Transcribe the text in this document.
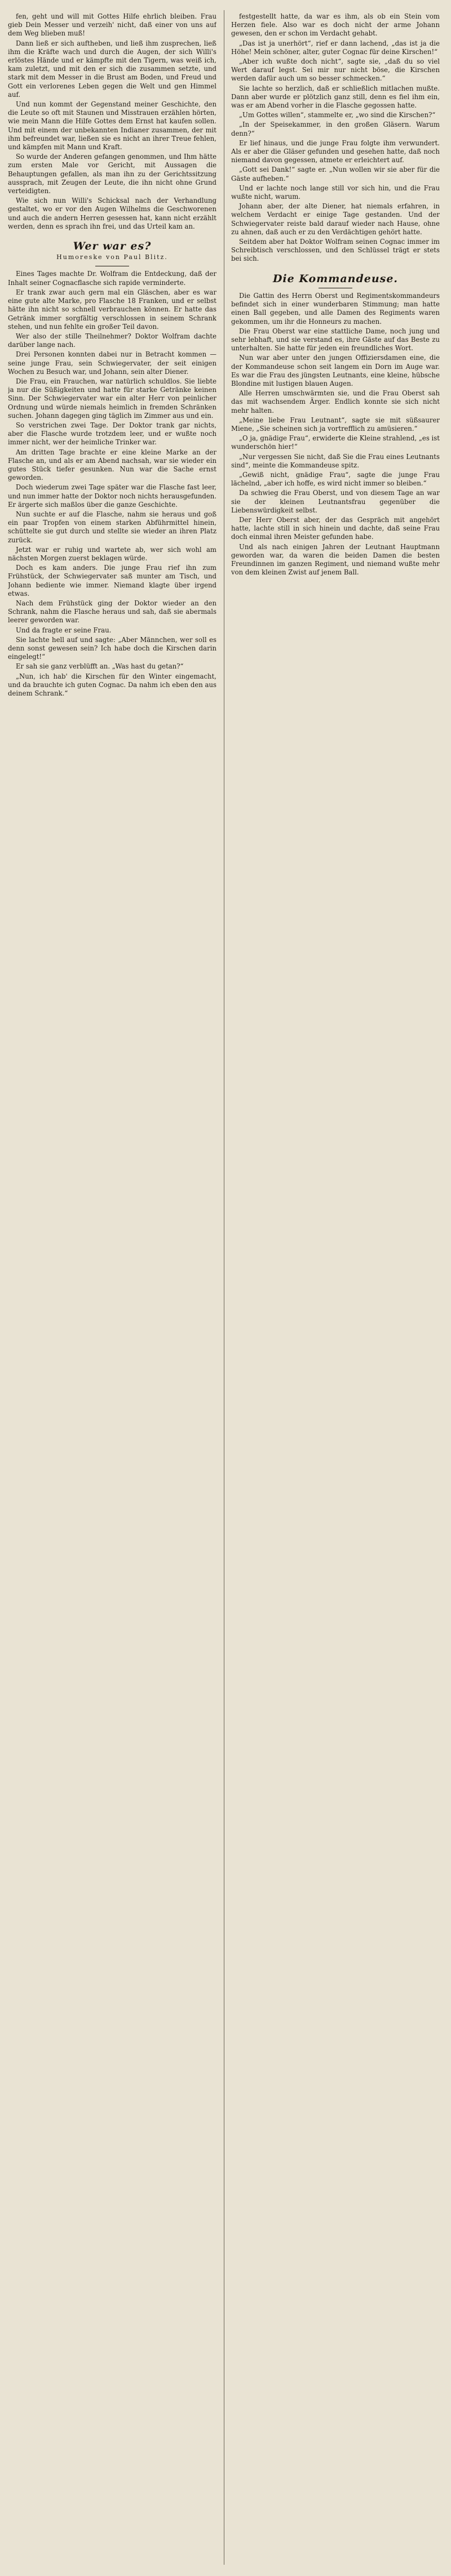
fen, geht und will mit Gottes Hilfe ehrlich bleiben. Frau gieb Dein Messer und verzeih' nicht, daß einer von uns auf dem Weg blieben muß!

Dann ließ er sich auftheben, und ließ ihm zusprechen, ließ ihm die Kräfte wach und durch die Augen, der sich Willi's erlöstes Hände und er kämpfte mit den Tigern, was weiß ich, kam zuletzt, und mit den er sich die zusammen setzte, und stark mit dem Messer in die Brust am Boden, und Freud und Gott ein verlorenes Leben gegen die Welt und gen Himmel auf.

Und nun kommt der Gegenstand meiner Geschichte, den die Leute so oft mit Staunen und Misstrauen erzählen hörten, wie mein Mann die Hilfe Gottes dem Ernst hat kaufen sollen. Und mit einem der unbekannten Indianer zusammen, der mit ihm befreundet war, ließen sie es nicht an ihrer Treue fehlen, und kämpfen mit Mann und Kraft.

So wurde der Anderen gefangen genommen, und Ihm hätte zum ersten Male vor Gericht, mit Aussagen die Behauptungen gefallen, als man ihn zu der Gerichtssitzung aussprach, mit Zeugen der Leute, die ihn nicht ohne Grund verteidigten.

Wie sich nun Willi's Schicksal nach der Verhandlung gestaltet, wo er vor den Augen Wilhelms die Geschworenen und auch die andern Herren gesessen hat, kann nicht erzählt werden, denn es sprach ihn frei, und das Urteil kam an.

Wer war es?
Humoreske von Paul Blitz.

Eines Tages machte Dr. Wolfram die Entdeckung, daß der Inhalt seiner Cognacflasche sich rapide verminderte.

Er trank zwar auch gern mal ein Gläschen, aber es war eine gute alte Marke, pro Flasche 18 Franken, und er selbst hätte ihn nicht so schnell verbrauchen können. Er hatte das Getränk immer sorgfältig verschlossen in seinem Schrank stehen, und nun fehlte ein großer Teil davon.

Wer also der stille Theilnehmer? Doktor Wolfram dachte darüber lange nach.

Drei Personen konnten dabei nur in Betracht kommen — seine junge Frau, sein Schwiegervater, der seit einigen Wochen zu Besuch war, und Johann, sein alter Diener.

Die Frau, ein Frauchen, war natürlich schuldlos. Sie liebte ja nur die Süßigkeiten und hatte für starke Getränke keinen Sinn. Der Schwiegervater war ein alter Herr von peinlicher Ordnung und würde niemals heimlich in fremden Schränken suchen. Johann dagegen ging täglich im Zimmer aus und ein.

So verstrichen zwei Tage. Der Doktor trank gar nichts, aber die Flasche wurde trotzdem leer, und er wußte noch immer nicht, wer der heimliche Trinker war.

Am dritten Tage brachte er eine kleine Marke an der Flasche an, und als er am Abend nachsah, war sie wieder ein gutes Stück tiefer gesunken. Nun war die Sache ernst geworden.

Doch wiederum zwei Tage später war die Flasche fast leer, und nun immer hatte der Doktor noch nichts herausgefunden. Er ärgerte sich maßlos über die ganze Geschichte.

Nun suchte er auf die Flasche, nahm sie heraus und goß ein paar Tropfen von einem starken Abführmittel hinein, schüttelte sie gut durch und stellte sie wieder an ihren Platz zurück.

Jetzt war er ruhig und wartete ab, wer sich wohl am nächsten Morgen zuerst beklagen würde.

Doch es kam anders. Die junge Frau rief ihn zum Frühstück, der Schwiegervater saß munter am Tisch, und Johann bediente wie immer. Niemand klagte über irgend etwas.

Nach dem Frühstück ging der Doktor wieder an den Schrank, nahm die Flasche heraus und sah, daß sie abermals leerer geworden war.

Und da fragte er seine Frau.

Sie lachte hell auf und sagte: „Aber Männchen, wer soll es denn sonst gewesen sein? Ich habe doch die Kirschen darin eingelegt!“

Er sah sie ganz verblüfft an. „Was hast du getan?“

„Nun, ich hab' die Kirschen für den Winter eingemacht, und da brauchte ich guten Cognac. Da nahm ich eben den aus deinem Schrank.“

festgestellt hatte, da war es ihm, als ob ein Stein vom Herzen fiele. Also war es doch nicht der arme Johann gewesen, den er schon im Verdacht gehabt.

„Das ist ja unerhört“, rief er dann lachend, „das ist ja die Höhe! Mein schöner, alter, guter Cognac für deine Kirschen!“

„Aber ich wußte doch nicht“, sagte sie, „daß du so viel Wert darauf legst. Sei mir nur nicht böse, die Kirschen werden dafür auch um so besser schmecken.“

Sie lachte so herzlich, daß er schließlich mitlachen mußte. Dann aber wurde er plötzlich ganz still, denn es fiel ihm ein, was er am Abend vorher in die Flasche gegossen hatte.

„Um Gottes willen“, stammelte er, „wo sind die Kirschen?“

„In der Speisekammer, in den großen Gläsern. Warum denn?“

Er lief hinaus, und die junge Frau folgte ihm verwundert. Als er aber die Gläser gefunden und gesehen hatte, daß noch niemand davon gegessen, atmete er erleichtert auf.

„Gott sei Dank!“ sagte er. „Nun wollen wir sie aber für die Gäste aufheben.“

Und er lachte noch lange still vor sich hin, und die Frau wußte nicht, warum.

Johann aber, der alte Diener, hat niemals erfahren, in welchem Verdacht er einige Tage gestanden. Und der Schwiegervater reiste bald darauf wieder nach Hause, ohne zu ahnen, daß auch er zu den Verdächtigen gehört hatte.

Seitdem aber hat Doktor Wolfram seinen Cognac immer im Schreibtisch verschlossen, und den Schlüssel trägt er stets bei sich.

Die Kommandeuse.

Die Gattin des Herrn Oberst und Regimentskommandeurs befindet sich in einer wunderbaren Stimmung; man hatte einen Ball gegeben, und alle Damen des Regiments waren gekommen, um ihr die Honneurs zu machen.

Die Frau Oberst war eine stattliche Dame, noch jung und sehr lebhaft, und sie verstand es, ihre Gäste auf das Beste zu unterhalten. Sie hatte für jeden ein freundliches Wort.

Nun war aber unter den jungen Offiziersdamen eine, die der Kommandeuse schon seit langem ein Dorn im Auge war. Es war die Frau des jüngsten Leutnants, eine kleine, hübsche Blondine mit lustigen blauen Augen.

Alle Herren umschwärmten sie, und die Frau Oberst sah das mit wachsendem Ärger. Endlich konnte sie sich nicht mehr halten.

„Meine liebe Frau Leutnant“, sagte sie mit süßsaurer Miene, „Sie scheinen sich ja vortrefflich zu amüsieren.“

„O ja, gnädige Frau“, erwiderte die Kleine strahlend, „es ist wunderschön hier!“

„Nur vergessen Sie nicht, daß Sie die Frau eines Leutnants sind“, meinte die Kommandeuse spitz.

„Gewiß nicht, gnädige Frau“, sagte die junge Frau lächelnd, „aber ich hoffe, es wird nicht immer so bleiben.“

Da schwieg die Frau Oberst, und von diesem Tage an war sie der kleinen Leutnantsfrau gegenüber die Liebenswürdigkeit selbst.

Der Herr Oberst aber, der das Gespräch mit angehört hatte, lachte still in sich hinein und dachte, daß seine Frau doch einmal ihren Meister gefunden habe.

Und als nach einigen Jahren der Leutnant Hauptmann geworden war, da waren die beiden Damen die besten Freundinnen im ganzen Regiment, und niemand wußte mehr von dem kleinen Zwist auf jenem Ball.
